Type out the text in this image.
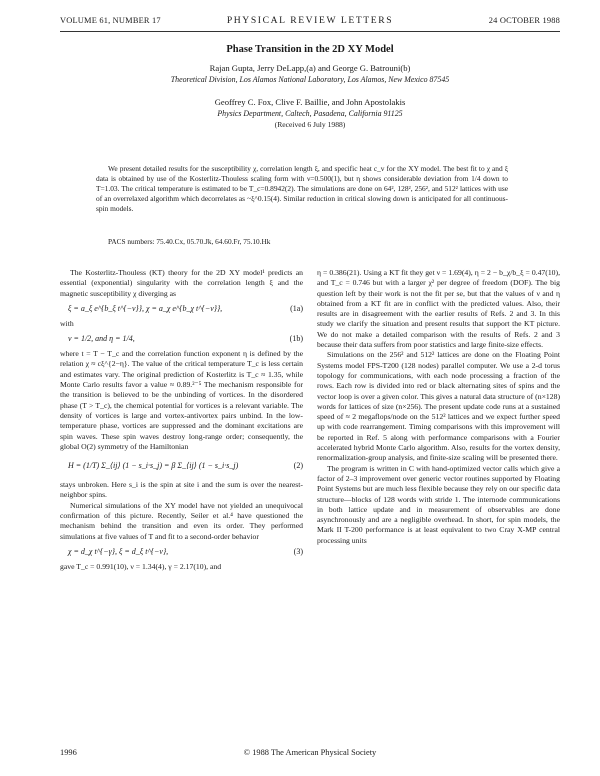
VOLUME 61, NUMBER 17	PHYSICAL REVIEW LETTERS	24 OCTOBER 1988
Phase Transition in the 2D XY Model
Rajan Gupta, Jerry DeLapp,(a) and George G. Batrouni(b)
Theoretical Division, Los Alamos National Laboratory, Los Alamos, New Mexico 87545
Geoffrey C. Fox, Clive F. Baillie, and John Apostolakis
Physics Department, Caltech, Pasadena, California 91125
(Received 6 July 1988)

We present detailed results for the susceptibility χ, correlation length ξ, and specific heat c_v for the XY model. The best fit to χ and ξ data is obtained by use of the Kosterlitz-Thouless scaling form with ν=0.500(1), but η shows considerable deviation from 1/4 down to T=1.03. The critical temperature is estimated to be T_c=0.8942(2). The simulations are done on 64², 128², 256², and 512² lattices with use of an overrelaxed algorithm which decorrelates as ~ξ^0.15(4). Similar reduction in critical slowing down is anticipated for all continuous-spin models.

PACS numbers: 75.40.Cx, 05.70.Jk, 64.60.Fr, 75.10.Hk

The Kosterlitz-Thouless (KT) theory for the 2D XY model¹ predicts an essential (exponential) singularity with the correlation length ξ and the magnetic susceptibility χ diverging as

ξ = a_ξ e^{b_ξ t^{−ν}}, χ = a_χ e^{b_χ t^{−ν}},	(1a)

with

ν = 1/2, and η = 1/4,	(1b)

where t = T − T_c and the correlation function exponent η is defined by the relation χ ≈ cξ^{2−η}. The value of the critical temperature T_c is less certain and estimates vary. The original prediction of Kosterlitz is T_c ≈ 1.35, while Monte Carlo results favor a value ≈ 0.89.²⁻⁵ The mechanism responsible for the transition is believed to be the unbinding of vortices. In the disordered phase (T > T_c), the chemical potential for vortices is a relevant variable. The density of vortices is large and vortex-antivortex pairs unbind. In the low-temperature phase, vortices are suppressed and the dominant excitations are spin waves. These spin waves destroy long-range order; consequently, the global O(2) symmetry of the Hamiltonian

H = (1/T) Σ_⟨ij⟩ (1 − s_i·s_j) = β Σ_⟨ij⟩ (1 − s_i·s_j)	(2)

stays unbroken. Here s_i is the spin at site i and the sum is over the nearest-neighbor spins.

Numerical simulations of the XY model have not yielded an unequivocal confirmation of this picture. Recently, Seiler et al.⁴ have questioned the mechanism behind the transition and even its order. They performed simulations at five values of T and fit to a second-order behavior

χ = d_χ t^{−γ}, ξ = d_ξ t^{−ν},	(3)

gave T_c = 0.991(10), ν = 1.34(4), γ = 2.17(10), and

η = 0.386(21). Using a KT fit they get ν = 1.69(4), η = 2 − b_χ/b_ξ = 0.47(10), and T_c = 0.746 but with a larger χ² per degree of freedom (DOF). The big question left by their work is not the fit per se, but that the values of ν and η obtained from a KT fit are in conflict with the predicted values. Also, their results are in disagreement with the earlier results of Refs. 2 and 3. In this study we clarify the situation and present results that support the KT picture. We do not make a detailed comparison with the results of Refs. 2 and 3 because their data suffers from poor statistics and large finite-size effects.

Simulations on the 256² and 512² lattices are done on the Floating Point Systems model FPS-T200 (128 nodes) parallel computer. We use a 2-d torus topology for communications, with each node processing a fraction of the rows. Each row is divided into red or black alternating sites of spins and the vector loop is over a given color. This gives a natural data structure of (n×128) words for lattices of size (n×256). The present update code runs at a sustained speed of ≈ 2 megaflops/node on the 512² lattices and we expect further speed up with code rearrangement. Timing comparisons with this improvement will be reported in Ref. 5 along with performance comparisons with a Fourier accelerated hybrid Monte Carlo algorithm. Also, results for the vortex density, renormalization-group analysis, and finite-size scaling will be presented there.

The program is written in C with hand-optimized vector calls which give a factor of 2–3 improvement over generic vector routines supported by Floating Point Systems but are much less flexible because they rely on our specific data structure—blocks of 128 words with stride 1. The internode communications in both lattice update and in measurement of observables are done asynchronously and are a negligible overhead. In short, for spin models, the Mark II T-200 performance is at least equivalent to two Cray X-MP central processing units

1996	© 1988 The American Physical Society
